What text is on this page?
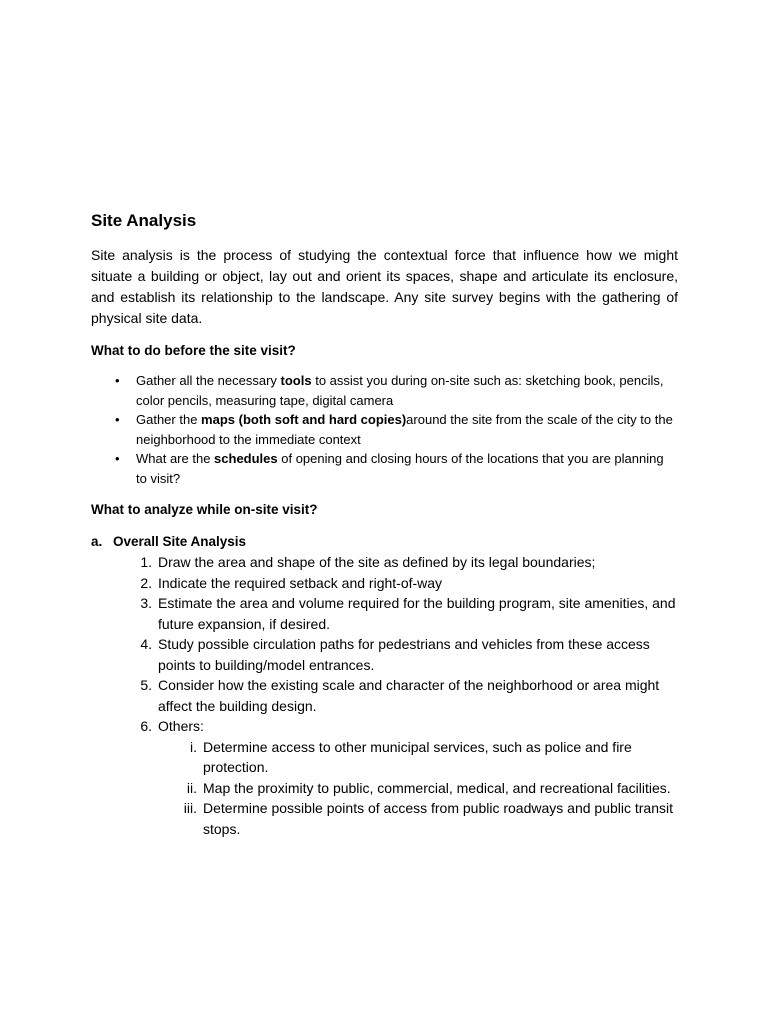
Site Analysis

Site analysis is the process of studying the contextual force that influence how we might situate a building or object, lay out and orient its spaces, shape and articulate its enclosure, and establish its relationship to the landscape. Any site survey begins with the gathering of physical site data.

What to do before the site visit?
• Gather all the necessary tools to assist you during on-site such as: sketching book, pencils, color pencils, measuring tape, digital camera
• Gather the maps (both soft and hard copies)around the site from the scale of the city to the neighborhood to the immediate context
• What are the schedules of opening and closing hours of the locations that you are planning to visit?
What to analyze while on-site visit?
a. Overall Site Analysis
1. Draw the area and shape of the site as defined by its legal boundaries;
2. Indicate the required setback and right-of-way
3. Estimate the area and volume required for the building program, site amenities, and future expansion, if desired.
4. Study possible circulation paths for pedestrians and vehicles from these access points to building/model entrances.
5. Consider how the existing scale and character of the neighborhood or area might affect the building design.
6. Others:
i. Determine access to other municipal services, such as police and fire protection.
ii. Map the proximity to public, commercial, medical, and recreational facilities.
iii. Determine possible points of access from public roadways and public transit stops.
